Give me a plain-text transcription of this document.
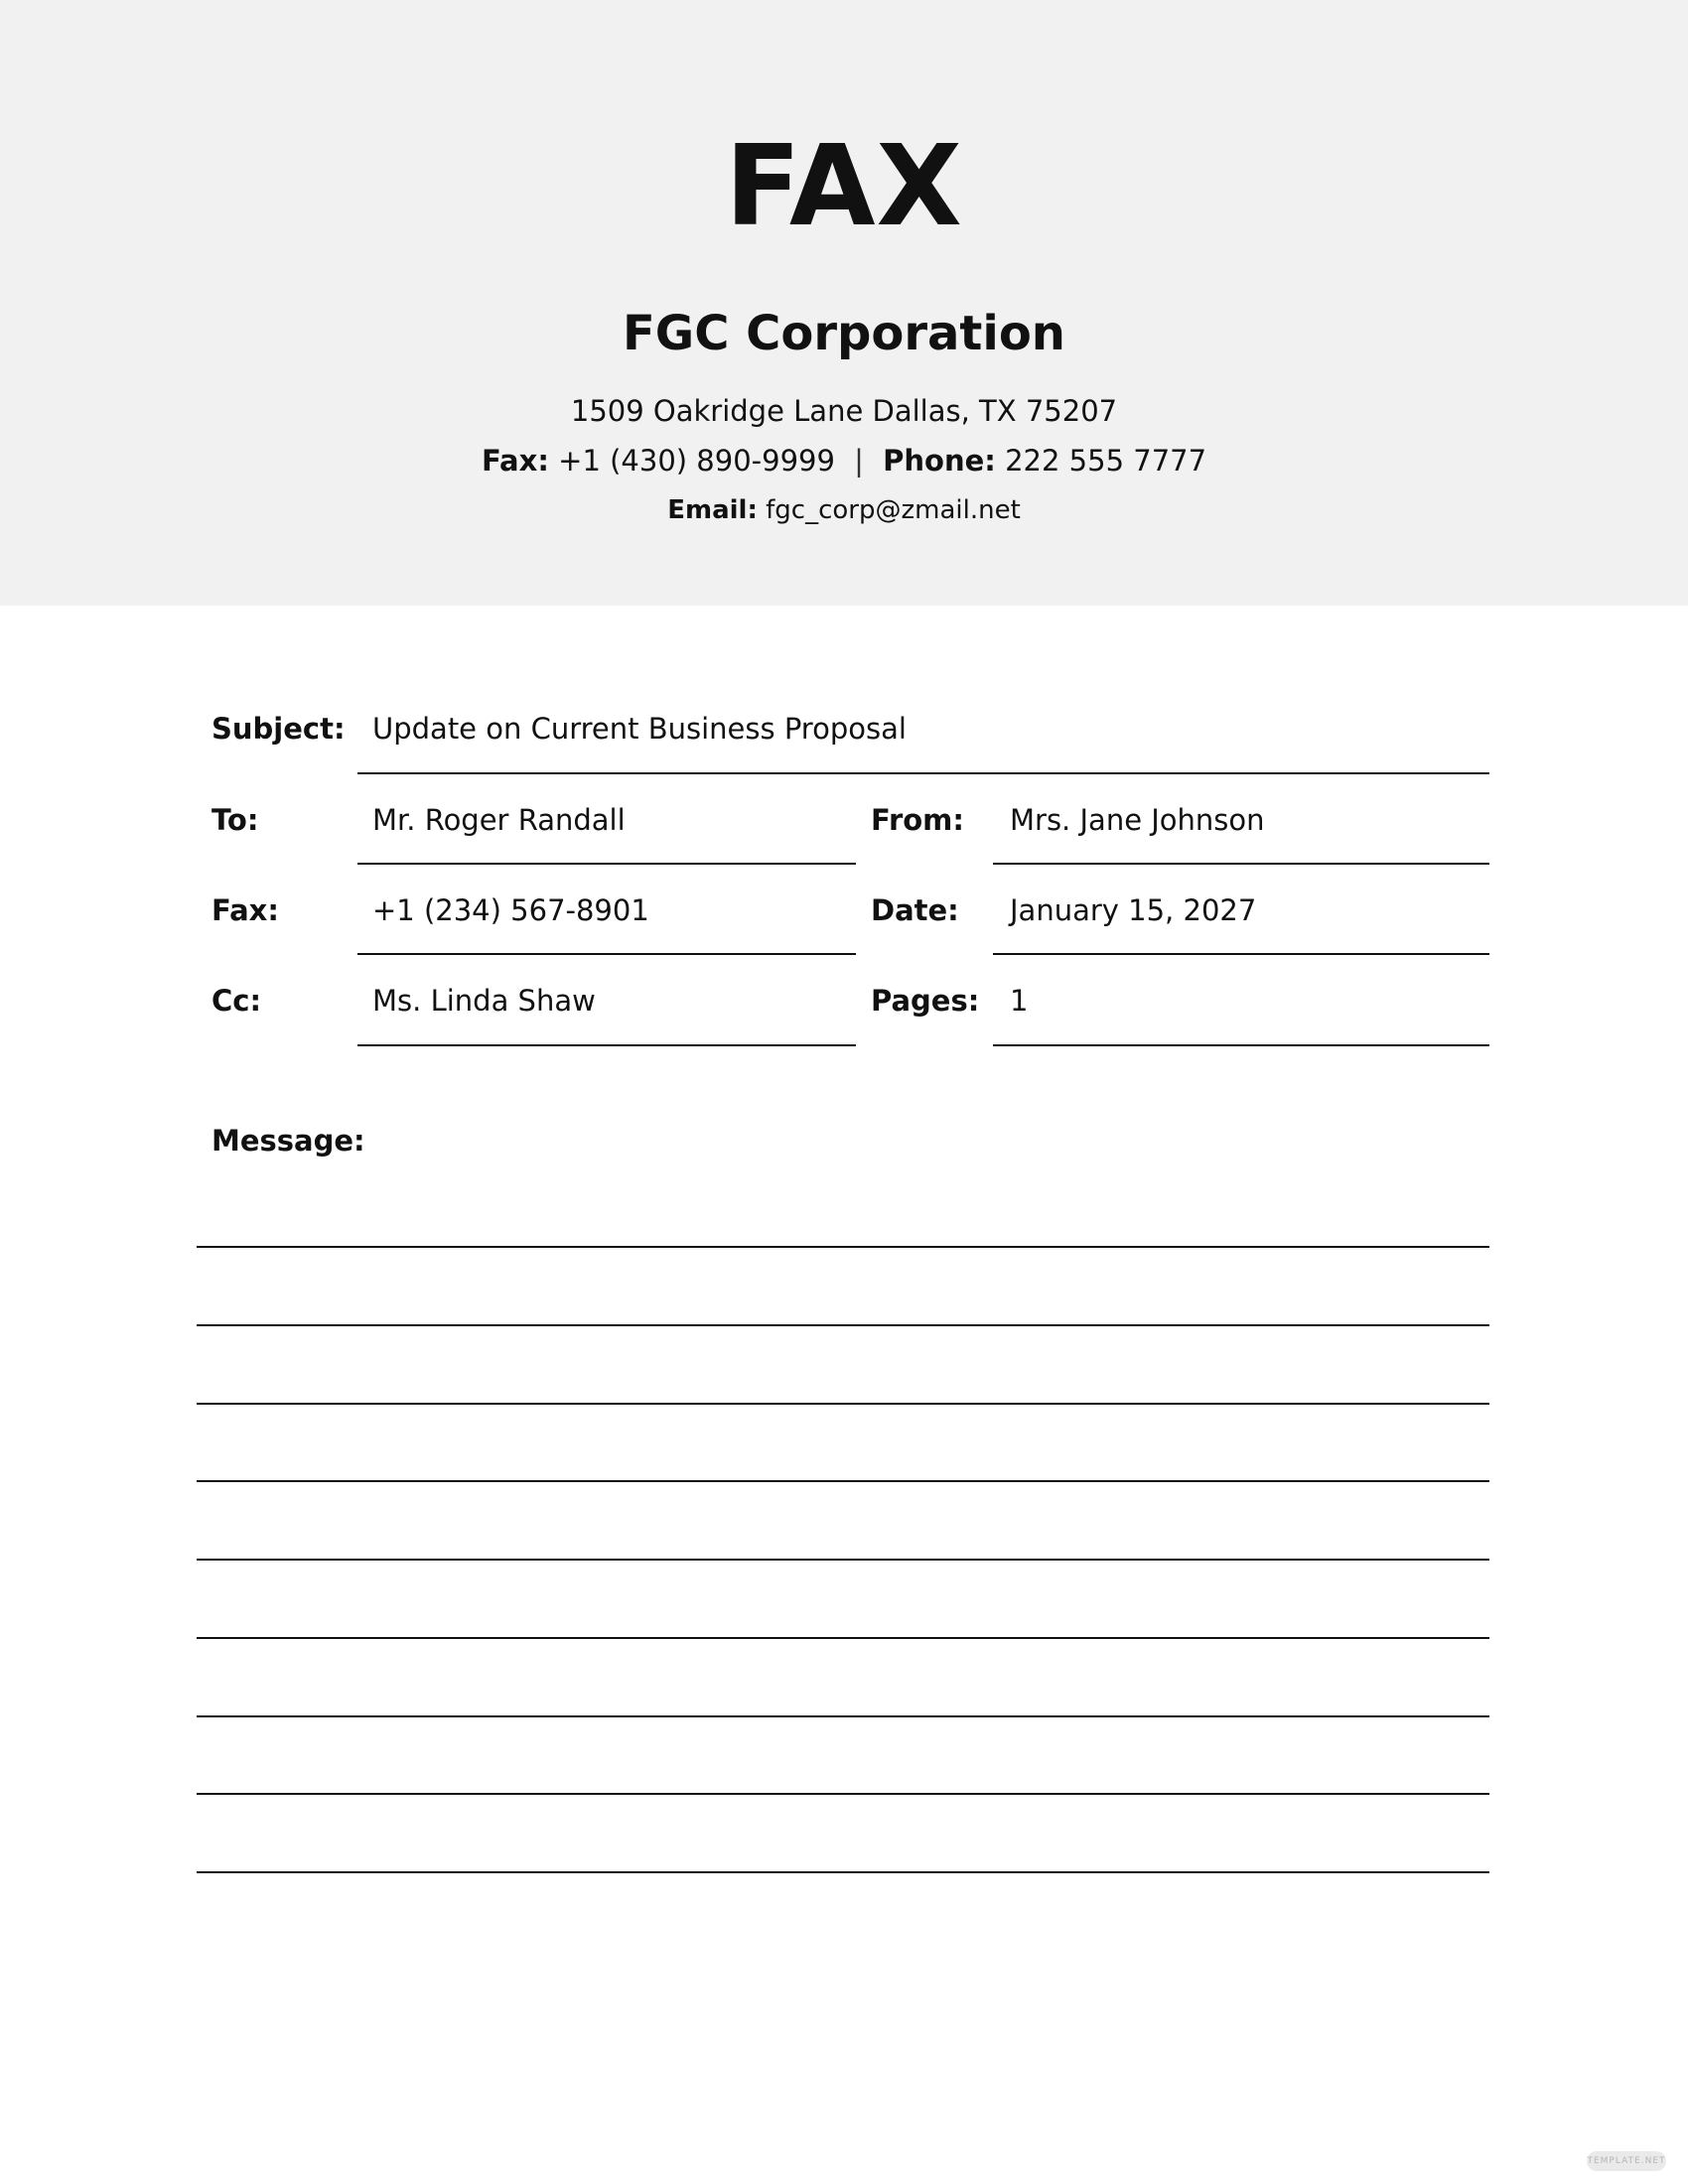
FAX
FGC Corporation
1509 Oakridge Lane Dallas, TX 75207
Fax: +1 (430) 890-9999 | Phone: 222 555 7777
Email: fgc_corp@zmail.net
Subject: Update on Current Business Proposal
To:	Mr. Roger Randall	From: Mrs. Jane Johnson
Fax:	+1 (234) 567-8901	Date: January 15, 2027
Cc:	Ms. Linda Shaw	Pages: 1
Message:
TEMPLATE.NET
